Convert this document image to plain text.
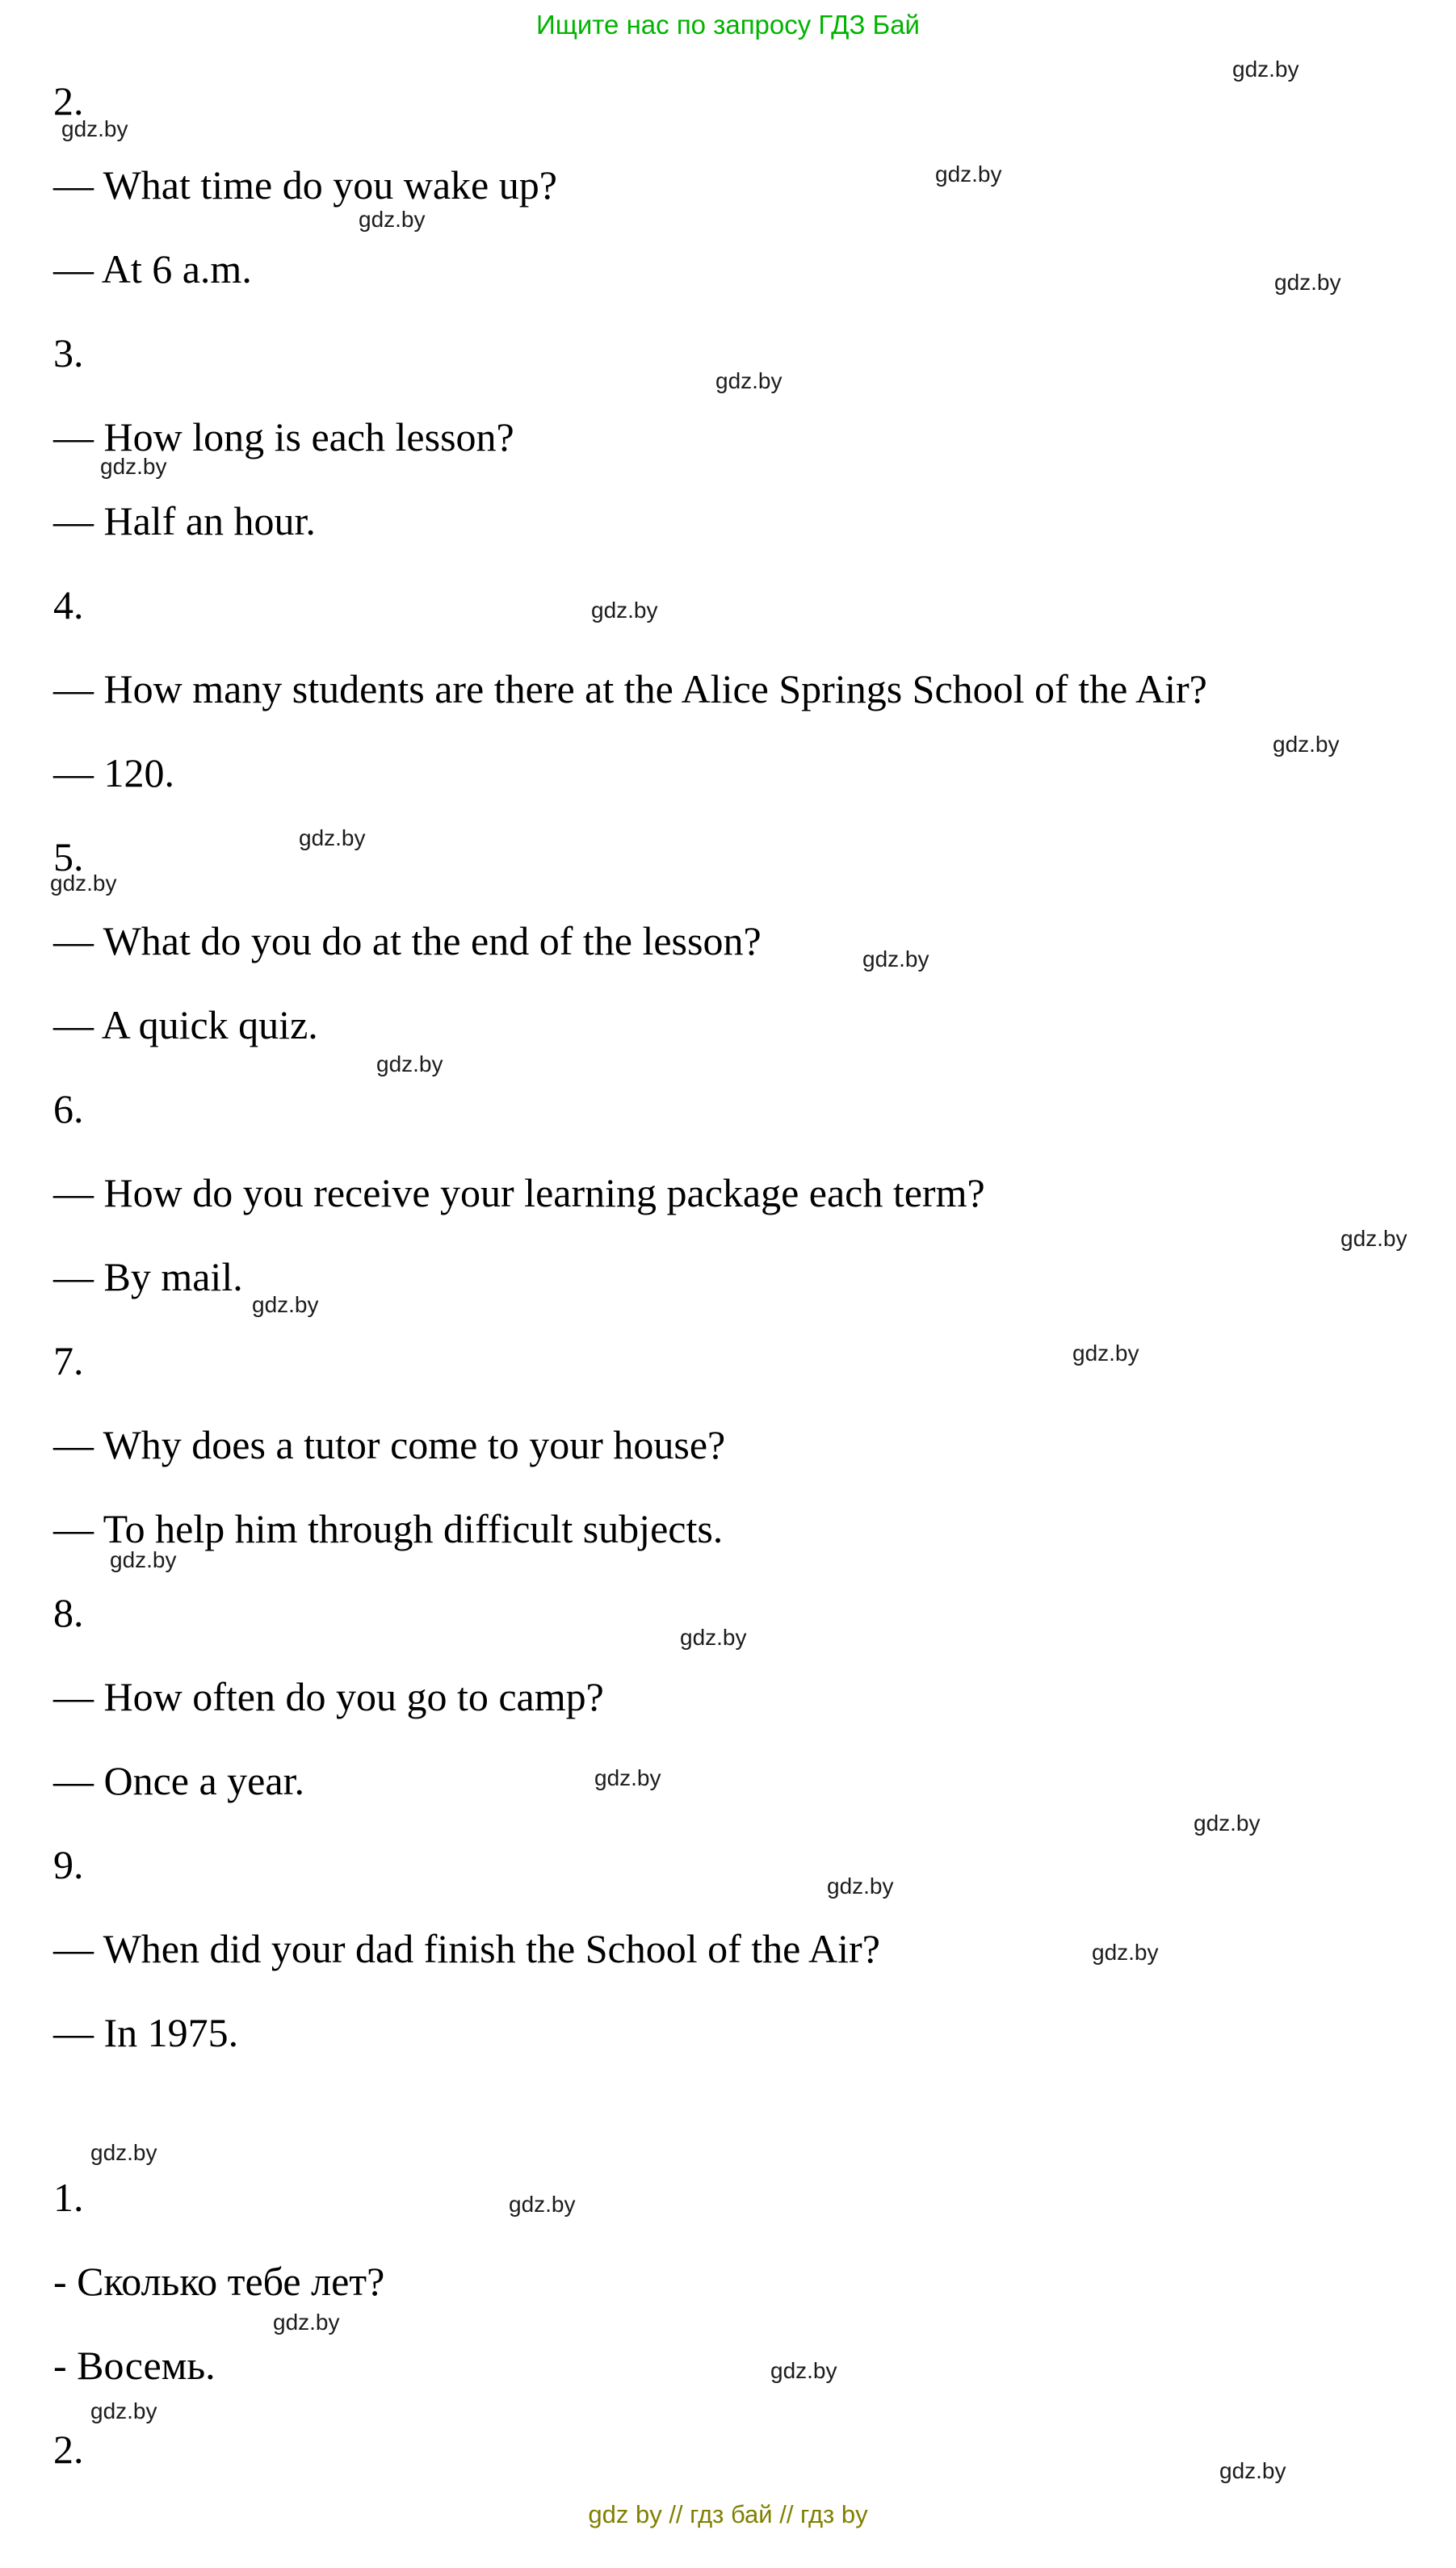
Ищите нас по запросу ГДЗ Бай
gdz.by
gdz.by
gdz.by
gdz.by
gdz.by
gdz.by
gdz.by
gdz.by
gdz.by
gdz.by
gdz.by
gdz.by
gdz.by
gdz.by
gdz.by
gdz.by
gdz.by
gdz.by
gdz.by
gdz.by
gdz.by
gdz.by
gdz.by
gdz.by
gdz.by
gdz.by
gdz.by
gdz.by
2.
— What time do you wake up?
— At 6 a.m.
3.
— How long is each lesson?
— Half an hour.
4.
— How many students are there at the Alice Springs School of the Air?
— 120.
5.
— What do you do at the end of the lesson?
— A quick quiz.
6.
— How do you receive your learning package each term?
— By mail.
7.
— Why does a tutor come to your house?
— To help him through difficult subjects.
8.
— How often do you go to camp?
— Once a year.
9.
— When did your dad finish the School of the Air?
— In 1975.
1.
- Сколько тебе лет?
- Восемь.
2.
gdz by // гдз бай // гдз by
